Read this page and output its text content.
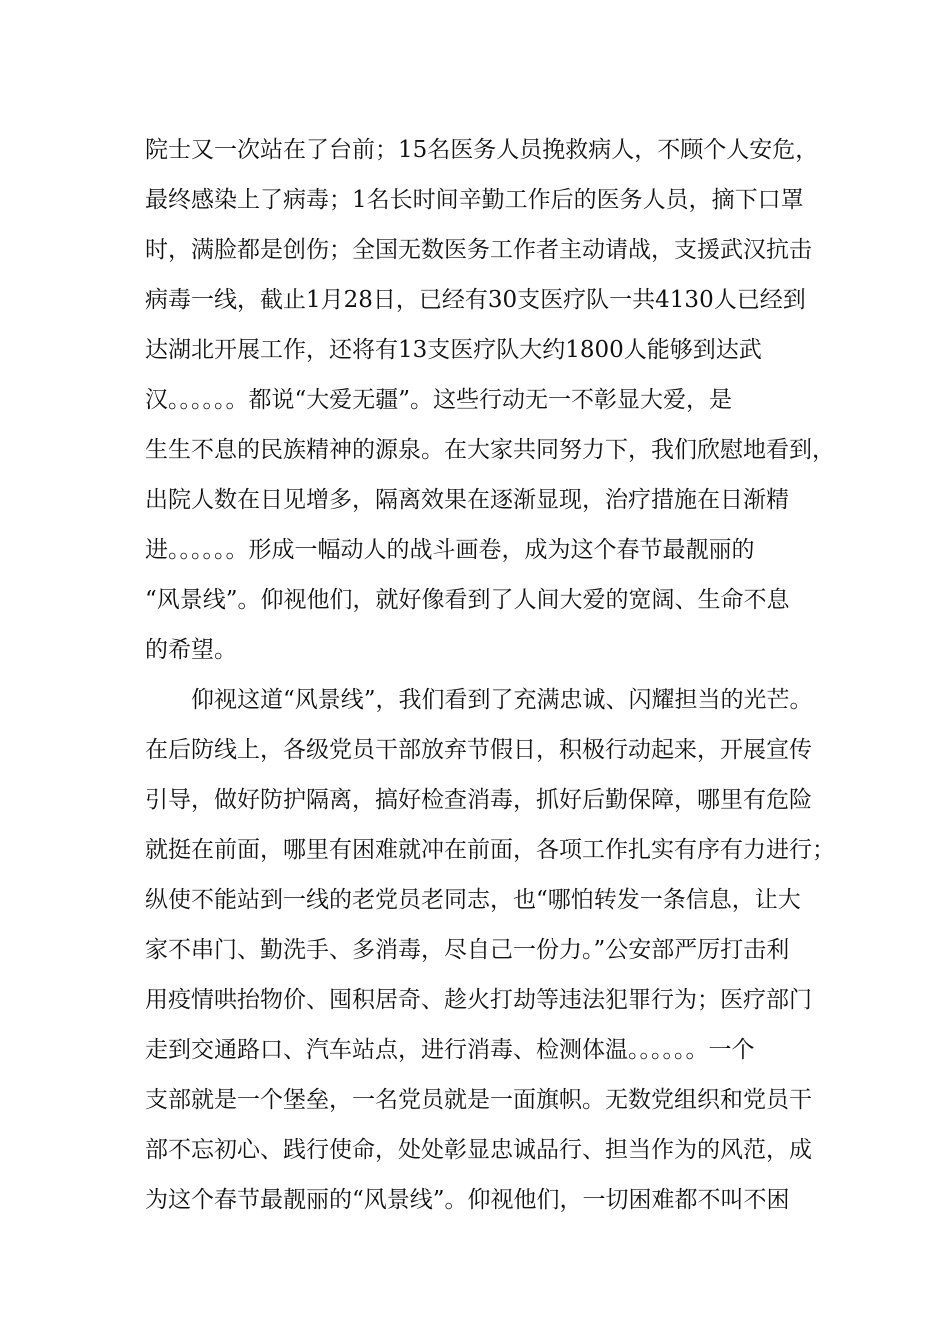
院士又一次站在了台前；15名医务人员挽救病人，不顾个人安危，
最终感染上了病毒；1名长时间辛勤工作后的医务人员，摘下口罩
时，满脸都是创伤；全国无数医务工作者主动请战，支援武汉抗击
病毒一线，截止1月28日，已经有30支医疗队一共4130人已经到
达湖北开展工作，还将有13支医疗队大约1800人能够到达武
汉。。。。。。都说“大爱无疆”。这些行动无一不彰显大爱，是
生生不息的民族精神的源泉。在大家共同努力下，我们欣慰地看到，
出院人数在日见增多，隔离效果在逐渐显现，治疗措施在日渐精
进。。。。。。形成一幅动人的战斗画卷，成为这个春节最靓丽的
“风景线”。仰视他们，就好像看到了人间大爱的宽阔、生命不息
的希望。
　　仰视这道“风景线”，我们看到了充满忠诚、闪耀担当的光芒。
在后防线上，各级党员干部放弃节假日，积极行动起来，开展宣传
引导，做好防护隔离，搞好检查消毒，抓好后勤保障，哪里有危险
就挺在前面，哪里有困难就冲在前面，各项工作扎实有序有力进行；
纵使不能站到一线的老党员老同志，也“哪怕转发一条信息，让大
家不串门、勤洗手、多消毒，尽自己一份力。”公安部严厉打击利
用疫情哄抬物价、囤积居奇、趁火打劫等违法犯罪行为；医疗部门
走到交通路口、汽车站点，进行消毒、检测体温。。。。。。一个
支部就是一个堡垒，一名党员就是一面旗帜。无数党组织和党员干
部不忘初心、践行使命，处处彰显忠诚品行、担当作为的风范，成
为这个春节最靓丽的“风景线”。仰视他们，一切困难都不叫不困
